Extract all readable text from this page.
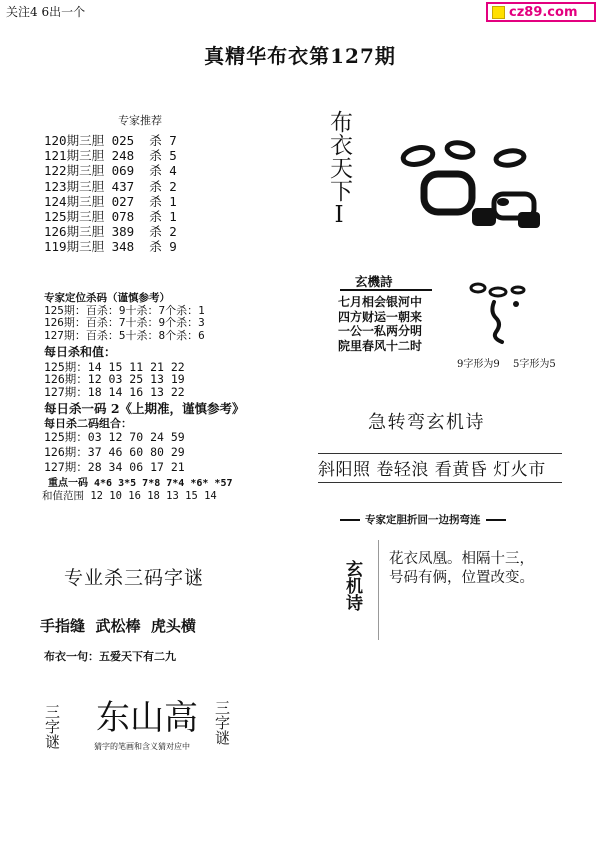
关注4 6出一个	cz89.com
真精华布衣第127期
专家推荐
120期三胆 025  杀 7
121期三胆 248  杀 5
122期三胆 069  杀 4
123期三胆 437  杀 2
124期三胆 027  杀 1
125期三胆 078  杀 1
126期三胆 389  杀 2
119期三胆 348  杀 9
专家定位杀码（谨慎参考）
125期：百杀：9十杀：7个杀：1
126期：百杀：7十杀：9个杀：3
127期：百杀：5十杀：8个杀：6
每日杀和值：
125期：14 15 11 21 22
126期：12 03 25 13 19
127期：18 14 16 13 22
每日杀一码 2《上期准，谨慎参考》
每日杀二码组合：
125期：03 12 70 24 59
126期：37 46 60 80 29
127期：28 34 06 17 21
重点一码 4*6 3*5 7*8 7*4 *6* *57
和值范围 12 10 16 18 13 15 14
专业杀三码字谜
手指缝  武松棒  虎头横
布衣一句：五爱天下有二九
三字谜 东山高 三字谜
猜字的笔画和含义猜对应中
布衣天下I
玄機詩
七月相会银河中
四方财运一朝来
一公一私两分明
院里春风十二时
9字形为9 5字形为5
急转弯玄机诗
斜阳照 卷轻浪 看黄昏 灯火市
专家定胆折回一边拐弯连
玄机诗
花衣凤凰。相隔十三，
号码有俩，位置改变。
